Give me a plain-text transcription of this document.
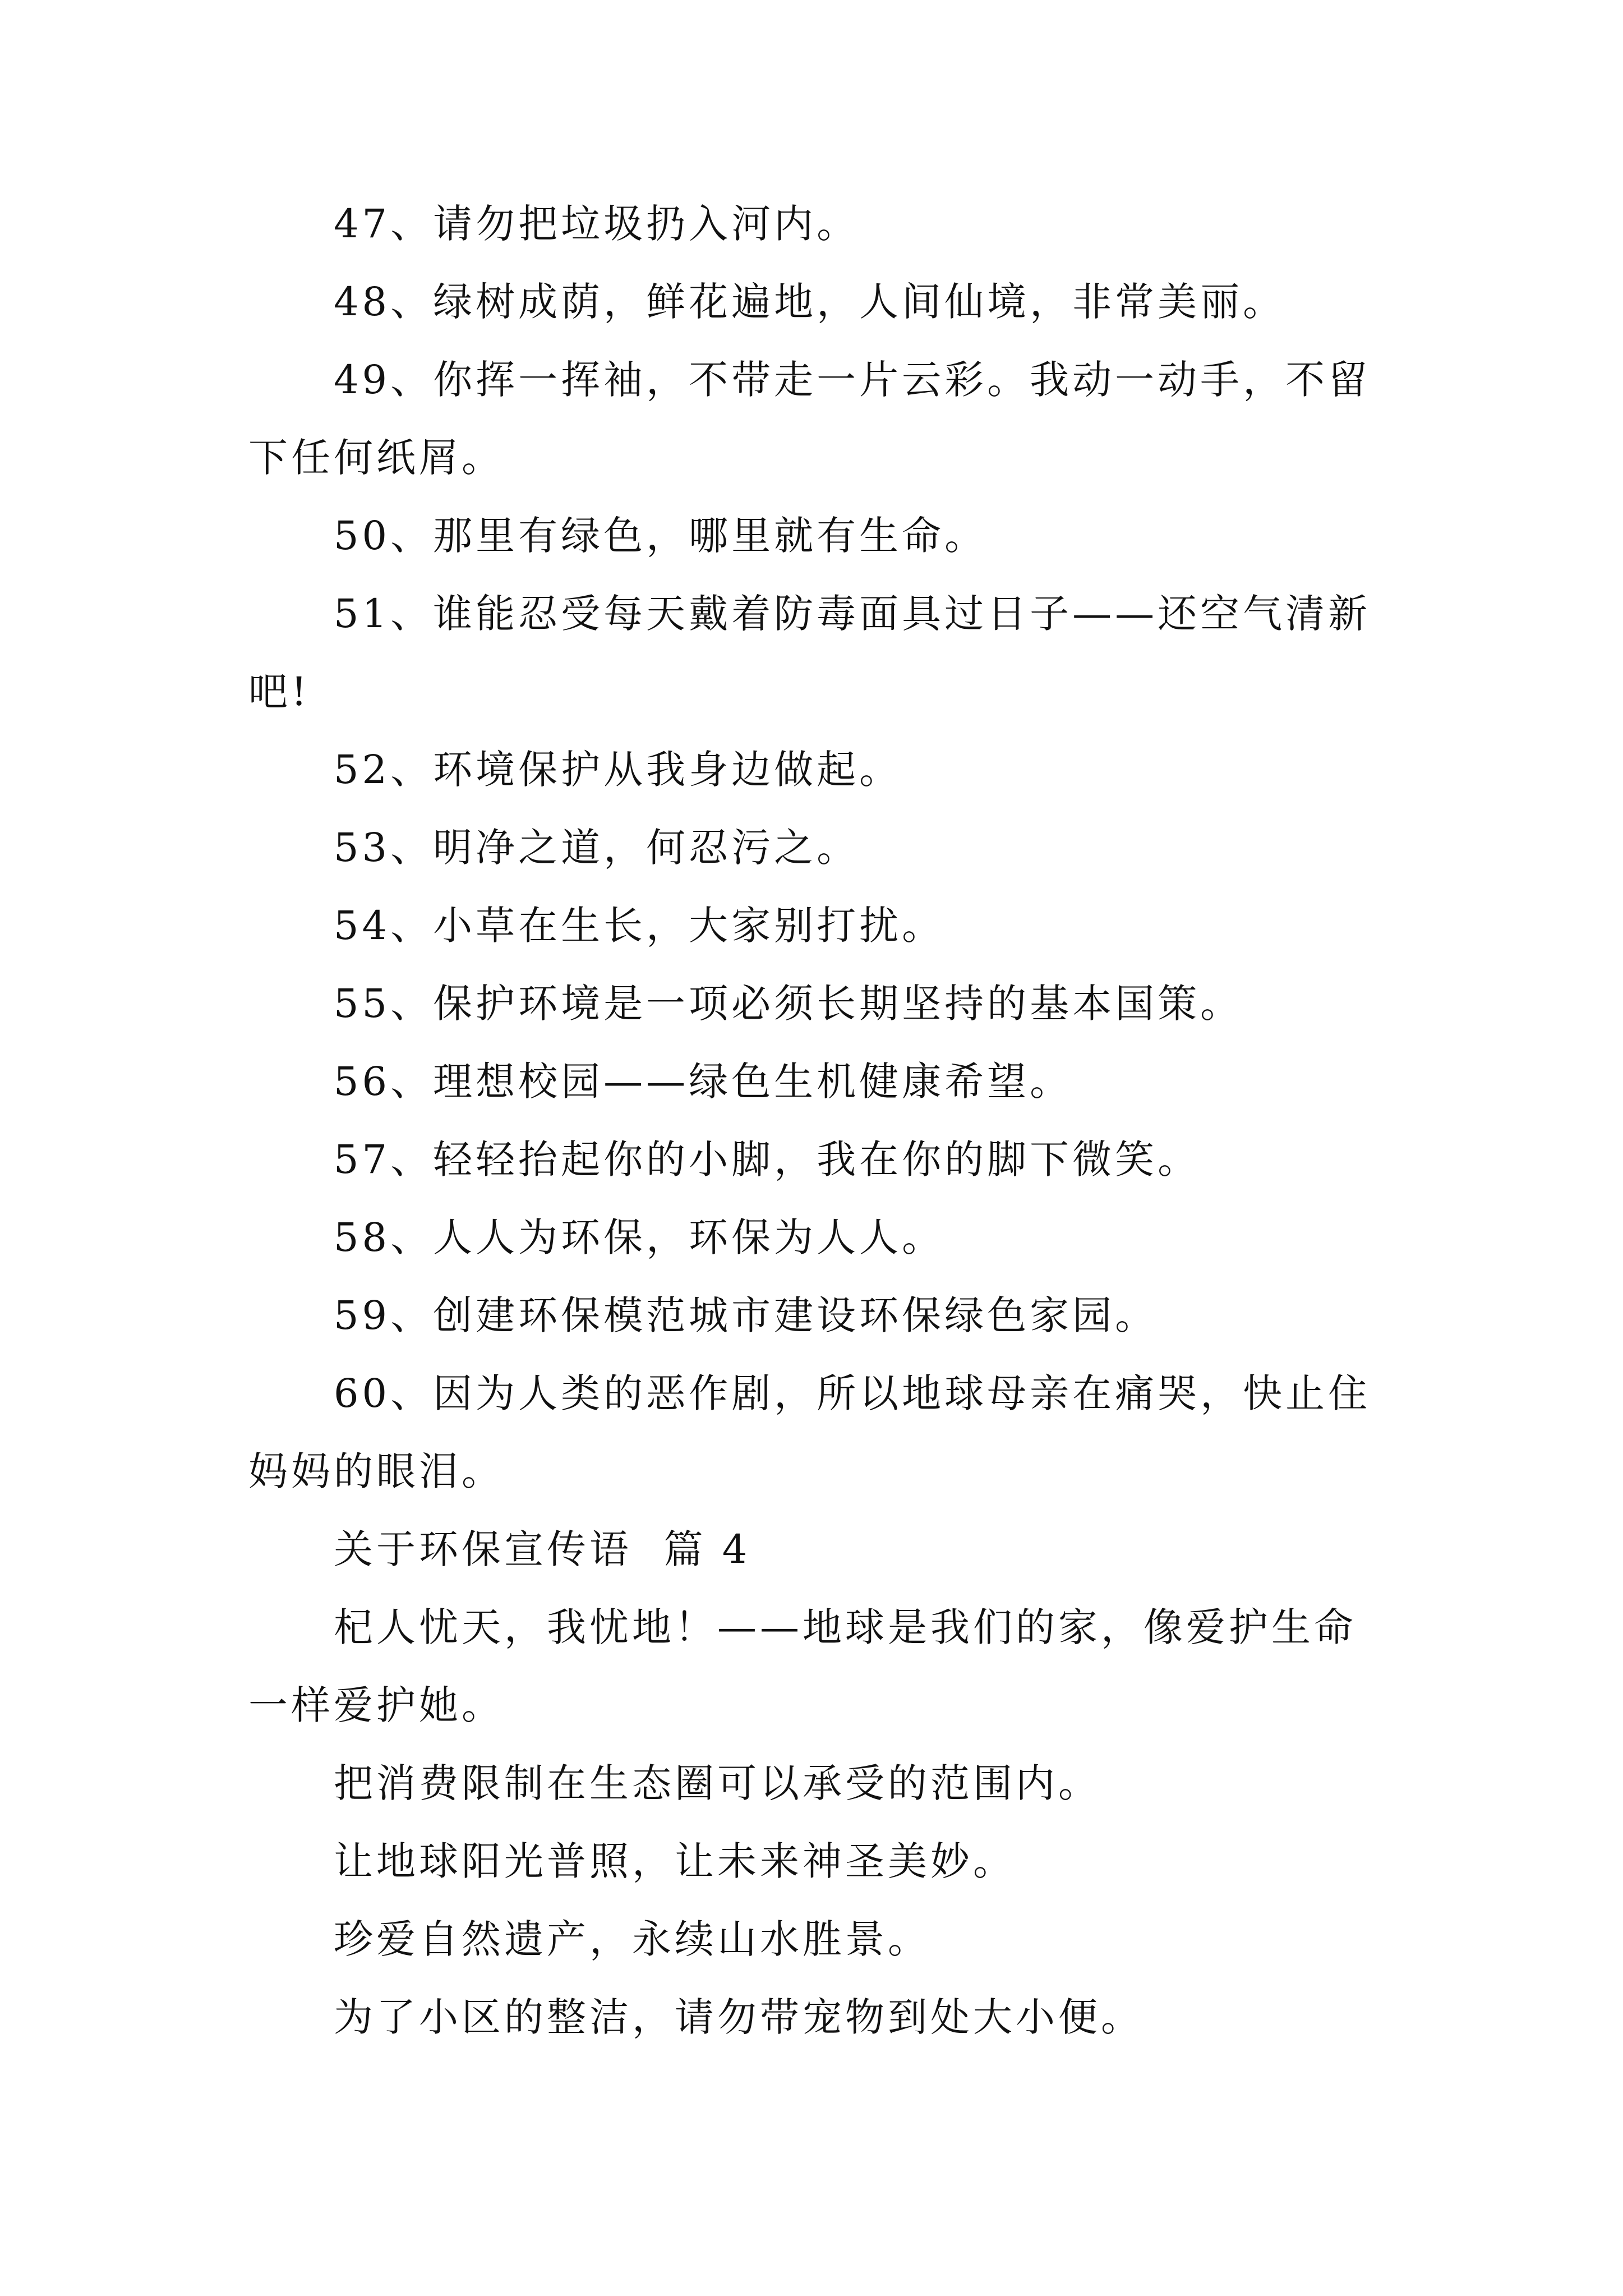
47、请勿把垃圾扔入河内。

48、绿树成荫，鲜花遍地，人间仙境，非常美丽。

49、你挥一挥袖，不带走一片云彩。我动一动手，不留下任何纸屑。

50、那里有绿色，哪里就有生命。

51、谁能忍受每天戴着防毒面具过日子——还空气清新吧!

52、环境保护从我身边做起。

53、明净之道，何忍污之。

54、小草在生长，大家别打扰。

55、保护环境是一项必须长期坚持的基本国策。

56、理想校园——绿色生机健康希望。

57、轻轻抬起你的小脚，我在你的脚下微笑。

58、人人为环保，环保为人人。

59、创建环保模范城市建设环保绿色家园。

60、因为人类的恶作剧，所以地球母亲在痛哭，快止住妈妈的眼泪。

关于环保宣传语  篇 4

杞人忧天，我忧地！——地球是我们的家，像爱护生命一样爱护她。

把消费限制在生态圈可以承受的范围内。

让地球阳光普照，让未来神圣美妙。

珍爱自然遗产，永续山水胜景。

为了小区的整洁，请勿带宠物到处大小便。
